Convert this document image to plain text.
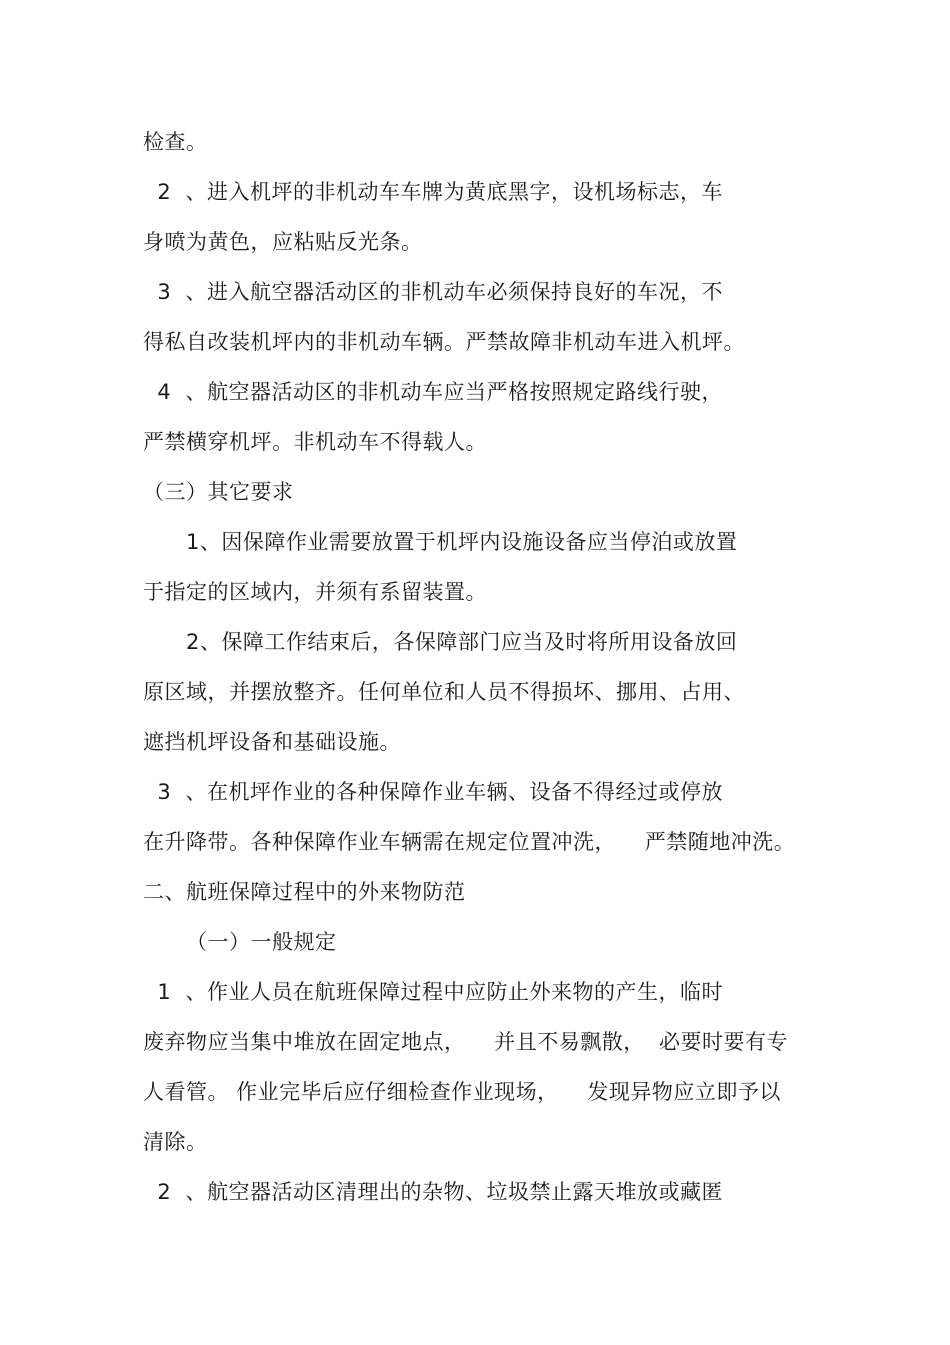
检查。
2  、进入机坪的非机动车车牌为黄底黑字，设机场标志，车
身喷为黄色，应粘贴反光条。
3  、进入航空器活动区的非机动车必须保持良好的车况，不
得私自改装机坪内的非机动车辆。严禁故障非机动车进入机坪。
4  、航空器活动区的非机动车应当严格按照规定路线行驶，
严禁横穿机坪。非机动车不得载人。
（三）其它要求
1、因保障作业需要放置于机坪内设施设备应当停泊或放置
于指定的区域内，并须有系留装置。
2、保障工作结束后，各保障部门应当及时将所用设备放回
原区域，并摆放整齐。任何单位和人员不得损坏、挪用、占用、
遮挡机坪设备和基础设施。
3  、在机坪作业的各种保障作业车辆、设备不得经过或停放
在升降带。各种保障作业车辆需在规定位置冲洗，    严禁随地冲洗。
二、航班保障过程中的外来物防范
（一）一般规定
1  、作业人员在航班保障过程中应防止外来物的产生，临时
废弃物应当集中堆放在固定地点，    并且不易飘散，  必要时要有专
人看管。 作业完毕后应仔细检查作业现场，    发现异物应立即予以
清除。
2  、航空器活动区清理出的杂物、垃圾禁止露天堆放或藏匿
